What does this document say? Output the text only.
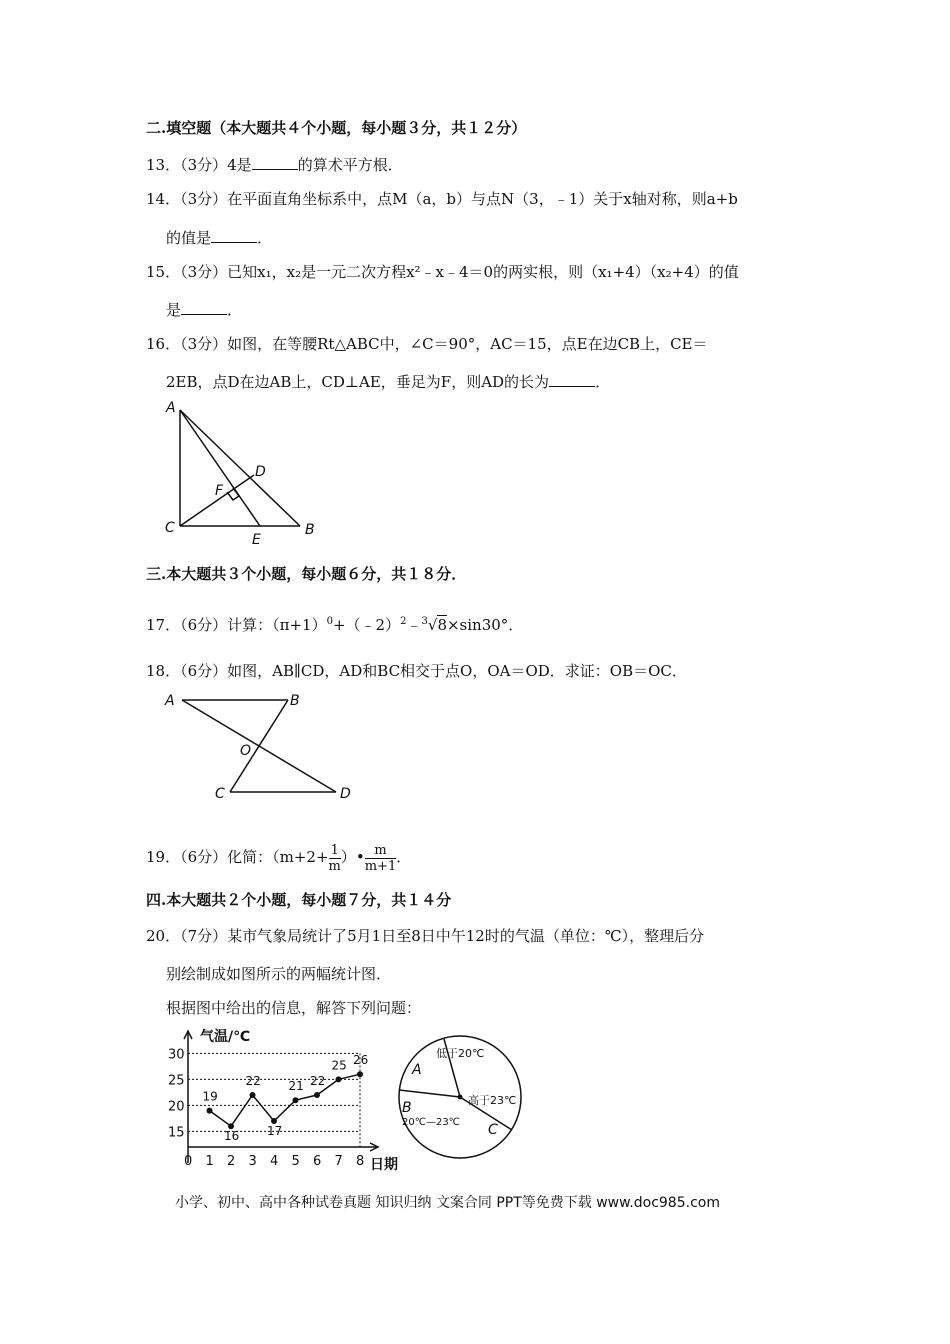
二.填空题（本大题共４个小题，每小题３分，共１２分）
13．（3分）4是	的算术平方根．
14．（3分）在平面直角坐标系中，点M（a，b）与点N（3，﹣1）关于x轴对称，则a+b
的值是	．
15．（3分）已知x₁，x₂是一元二次方程x²﹣x﹣4＝0的两实根，则（x₁+4）（x₂+4）的值
是	．
16．（3分）如图，在等腰Rt△ABC中，∠C＝90°，AC＝15，点E在边CB上，CE＝
2EB，点D在边AB上，CD⊥AE，垂足为F，则AD的长为	．
A
B
C
D
E
F
三.本大题共３个小题，每小题６分，共１８分．
17．（6分）计算：$(\pi+1)^0+(﹣2)^2﹣^3√8\times\sin 30^\circ$．
18．（6分）如图，AB∥CD，AD和BC相交于点O，OA＝OD．求证：OB＝OC．
A	B
C	D
O
19．（6分）化简：（$m+2+ \frac{1}{m}$ ）• $\frac{m}{m+1}$ ．
四.本大题共２个小题，每小题７分，共１４分
20．（7分）某市气象局统计了5月1日至8日中午12时的气温（单位：℃），整理后分
别绘制成如图所示的两幅统计图．
根据图中给出的信息，解答下列问题：
气温/℃
日期
15
20
25
30
0 1 2 3 4 5 6 7 8
19
16
22
17
21 22
25 26
A
B
C
低于20℃
20℃—23℃
高于23℃
小学、初中、高中各种试卷真题 知识归纳 文案合同 PPT等免费下载 www.doc985.com
